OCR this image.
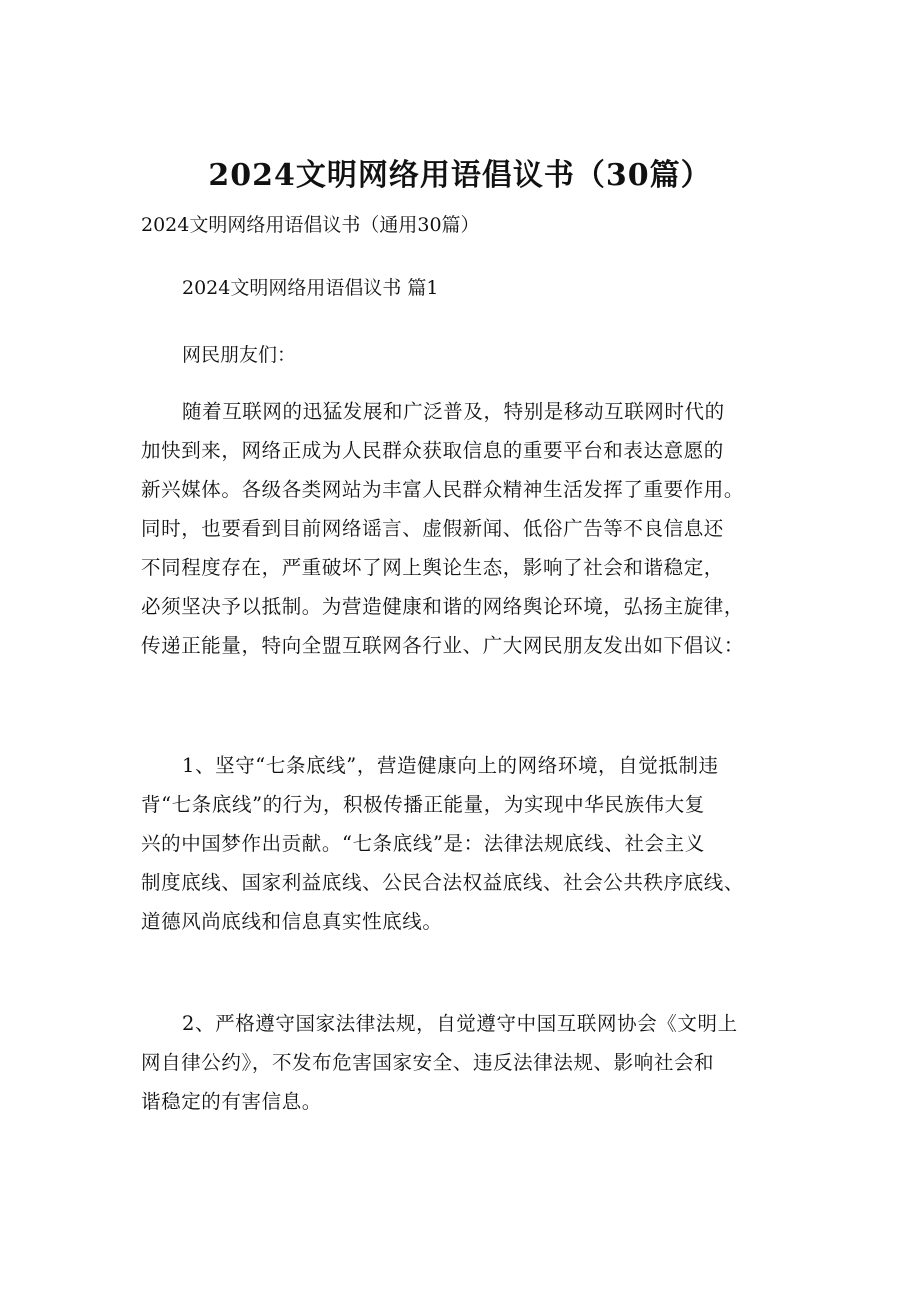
2024文明网络用语倡议书（30篇）
2024文明网络用语倡议书（通用30篇）
2024文明网络用语倡议书 篇1
网民朋友们：
随着互联网的迅猛发展和广泛普及，特别是移动互联网时代的
加快到来，网络正成为人民群众获取信息的重要平台和表达意愿的
新兴媒体。各级各类网站为丰富人民群众精神生活发挥了重要作用。
同时，也要看到目前网络谣言、虚假新闻、低俗广告等不良信息还
不同程度存在，严重破坏了网上舆论生态，影响了社会和谐稳定，
必须坚决予以抵制。为营造健康和谐的网络舆论环境，弘扬主旋律，
传递正能量，特向全盟互联网各行业、广大网民朋友发出如下倡议：
1、坚守“七条底线”，营造健康向上的网络环境，自觉抵制违
背“七条底线”的行为，积极传播正能量，为实现中华民族伟大复
兴的中国梦作出贡献。“七条底线”是：法律法规底线、社会主义
制度底线、国家利益底线、公民合法权益底线、社会公共秩序底线、
道德风尚底线和信息真实性底线。
2、严格遵守国家法律法规，自觉遵守中国互联网协会《文明上
网自律公约》，不发布危害国家安全、违反法律法规、影响社会和
谐稳定的有害信息。
